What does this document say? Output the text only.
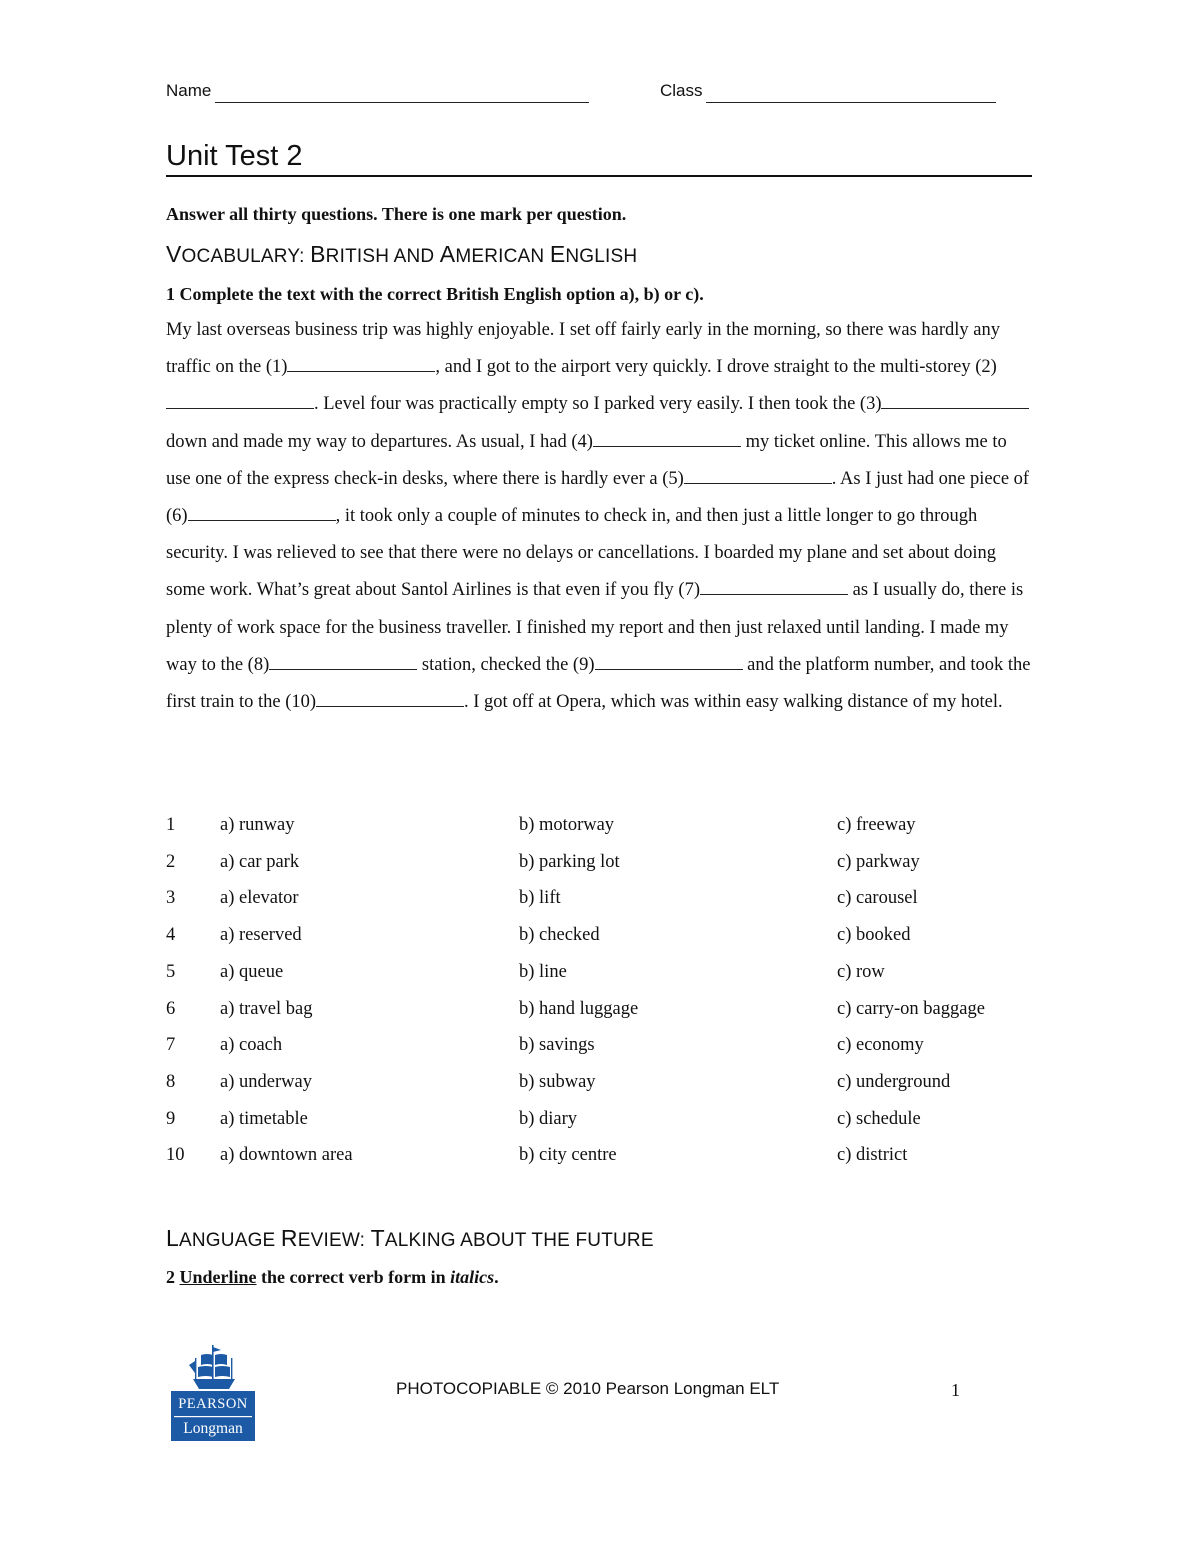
Name	Class
Unit Test 2
Answer all thirty questions. There is one mark per question.
VOCABULARY: BRITISH AND AMERICAN ENGLISH
1 Complete the text with the correct British English option a), b) or c).
My last overseas business trip was highly enjoyable. I set off fairly early in the morning, so there was hardly any traffic on the (1)	, and I got to the airport very quickly. I drove straight to the multi-storey (2). Level four was practically empty so I parked very easily. I then took the (3) down and made my way to departures. As usual, I had (4)	my ticket online. This allows me to use one of the express check-in desks, where there is hardly ever a (5)	. As I just had one piece of (6)	, it took only a couple of minutes to check in, and then just a little longer to go through security. I was relieved to see that there were no delays or cancellations. I boarded my plane and set about doing some work. What’s great about Santol Airlines is that even if you fly (7)	as I usually do, there is plenty of work space for the business traveller. I finished my report and then just relaxed until landing. I made my way to the (8)	station, checked the (9)	and the platform number, and took the first train to the (10)	. I got off at Opera, which was within easy walking distance of my hotel.
1 a) runway	b) motorway	c) freeway
2 a) car park	b) parking lot	c) parkway
3 a) elevator	b) lift	c) carousel
4 a) reserved	b) checked	c) booked
5 a) queue	b) line	c) row
6 a) travel bag	b) hand luggage	c) carry-on baggage
7 a) coach	b) savings	c) economy
8 a) underway	b) subway	c) underground
9 a) timetable	b) diary	c) schedule
10 a) downtown area	b) city centre	c) district
LANGUAGE REVIEW: TALKING ABOUT THE FUTURE
2 Underline the correct verb form in italics.
PEARSON
Longman
PHOTOCOPIABLE © 2010 Pearson Longman ELT	1
